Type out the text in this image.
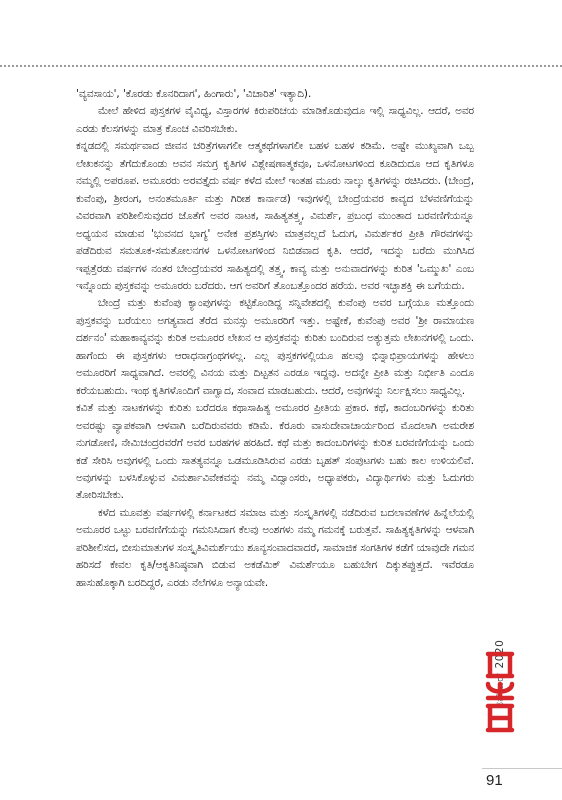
'ವ್ಯವಸಾಯ', 'ಕೊರಡು ಕೊನರಿದಾಗ', ಹಿಂಗಾರು', 'ವಿಚಾರಿತ' ಇತ್ಯಾದಿ).

ಮೇಲೆ ಹೇಳಿದ ಪುಸ್ತಕಗಳ ವೈವಿಧ್ಯ, ವಿಸ್ತಾರಗಳ ಕಿರುಪರಿಚಯ ಮಾಡಿಕೊಡುವುದೂ ಇಲ್ಲಿ ಸಾಧ್ಯವಿಲ್ಲ. ಆದರೆ, ಅವರ ಎರಡು ಕೆಲಸಗಳನ್ನು ಮಾತ್ರ ಕೊಂಚ ವಿವರಿಸಬೇಕು.

ಕನ್ನಡದಲ್ಲಿ ಸಮರ್ಥವಾದ ಜೀವನ ಚರಿತ್ರೆಗಳಾಗಲೀ ಆತ್ಮಕಥೆಗಳಾಗಲೀ ಬಹಳ ಬಹಳ ಕಡಿಮೆ. ಅಷ್ಟೇ ಮುಖ್ಯವಾಗಿ ಒಬ್ಬ ಲೇಖಕನನ್ನು ತೆಗೆದುಕೊಂಡು ಅವನ ಸಮಗ್ರ ಕೃತಿಗಳ ವಿಶ್ಲೇಷಣಾತ್ಮಕವೂ, ಒಳನೋಟಗಳಿಂದ ಕೂಡಿದುದೂ ಆದ ಕೃತಿಗಳೂ ನಮ್ಮಲ್ಲಿ ಅಪರೂಪ. ಅಮೂರರು ಅರವತ್ತೈದು ವರ್ಷ ಕಳೆದ ಮೇಲೆ ಇಂತಹ ಮೂರು ನಾಲ್ಕು ಕೃತಿಗಳನ್ನು ರಚಿಸಿದರು. (ಬೇಂದ್ರೆ, ಕುವೆಂಪು, ಶ್ರೀರಂಗ, ಅನಂತಮೂರ್ತಿ ಮತ್ತು ಗಿರೀಶ ಕಾರ್ನಾಡ) ಇವುಗಳಲ್ಲಿ ಬೇಂದ್ರೆಯವರ ಕಾವ್ಯದ ಬೆಳವಣಿಗೆಯನ್ನು ವಿವರವಾಗಿ ಪರಿಶೀಲಿಸುವುದರ ಜೊತೆಗೆ ಅವರ ನಾಟಕ, ಸಾಹಿತ್ಯತತ್ತ್ವ, ವಿಮರ್ಶೆ, ಪ್ರಬಂಧ ಮುಂತಾದ ಬರವಣಿಗೆಯನ್ನೂ ಅಧ್ಯಯನ ಮಾಡುವ 'ಭುವನದ ಭಾಗ್ಯ' ಅನೇಕ ಪ್ರಶಸ್ತಿಗಳು ಮಾತ್ರವಲ್ಲದೆ ಓದುಗ, ವಿಮರ್ಶಕರ ಪ್ರೀತಿ ಗೌರವಗಳನ್ನು ಪಡೆದಿರುವ ಸಮತೂಕ-ಸಮತೋಲನಗಳ ಒಳನೋಟಗಳಿಂದ ನಿಬಿಡವಾದ ಕೃತಿ. ಆದರೆ, ಇದನ್ನು ಬರೆದು ಮುಗಿಸಿದ ಇಪ್ಪತ್ತೆರಡು ವರ್ಷಗಳ ನಂತರ ಬೇಂದ್ರೆಯವರ ಸಾಹಿತ್ಯದಲ್ಲಿ ತತ್ತ್ವ, ಕಾವ್ಯ ಮತ್ತು ಅನುವಾದಗಳನ್ನು ಕುರಿತ 'ಒಮ್ಮುಖ' ಎಂಬ ಇನ್ನೊಂದು ಪುಸ್ತಕವನ್ನು ಅಮೂರರು ಬರೆದರು. ಆಗ ಅವರಿಗೆ ತೊಂಬತ್ತೊಂದರ ಹರೆಯ. ಅವರ ಇಚ್ಛಾಶಕ್ತಿ ಈ ಬಗೆಯದು.

ಬೇಂದ್ರೆ ಮತ್ತು ಕುವೆಂಪು ಕ್ಯಾಂಪುಗಳನ್ನು ಕಟ್ಟಿಕೊಂಡಿದ್ದ ಸನ್ನಿವೇಶದಲ್ಲಿ ಕುವೆಂಪು ಅವರ ಬಗ್ಗೆಯೂ ಮತ್ತೊಂದು ಪುಸ್ತಕವನ್ನು ಬರೆಯಲು ಅಗತ್ಯವಾದ ತೆರೆದ ಮನಸ್ಸು ಅಮೂರರಿಗೆ ಇತ್ತು. ಅಷ್ಟೇಕೆ, ಕುವೆಂಪು ಅವರ 'ಶ್ರೀ ರಾಮಾಯಣ ದರ್ಶನಂ' ಮಹಾಕಾವ್ಯವನ್ನು ಕುರಿತ ಅಮೂರರ ಲೇಖನ ಆ ಪುಸ್ತಕವನ್ನು ಕುರಿತು ಬಂದಿರುವ ಅತ್ಯುತ್ತಮ ಲೇಖನಗಳಲ್ಲಿ ಒಂದು. ಹಾಗೆಂದು ಈ ಪುಸ್ತಕಗಳು ಆರಾಧನಾಗ್ರಂಥಗಳಲ್ಲ. ಎಲ್ಲ ಪುಸ್ತಕಗಳಲ್ಲಿಯೂ ಹಲವು ಭಿನ್ನಾಭಿಪ್ರಾಯಗಳನ್ನು ಹೇಳಲು ಅಮೂರರಿಗೆ ಸಾಧ್ಯವಾಗಿದೆ. ಅವರಲ್ಲಿ ವಿನಯ ಮತ್ತು ದಿಟ್ಟತನ ಎರಡೂ ಇದ್ದವು. ಅದನ್ನೇ ಪ್ರೀತಿ ಮತ್ತು ನಿರ್ಭೀತಿ ಎಂದೂ ಕರೆಯಬಹುದು. ಇಂಥ ಕೃತಿಗಳೊಂದಿಗೆ ವಾಗ್ವಾದ, ಸಂವಾದ ಮಾಡಬಹುದು. ಆದರೆ, ಅವುಗಳನ್ನು ನಿರ್ಲಕ್ಷಿಸಲು ಸಾಧ್ಯವಿಲ್ಲ.

ಕವಿತೆ ಮತ್ತು ನಾಟಕಗಳನ್ನು ಕುರಿತು ಬರೆದರೂ ಕಥಾಸಾಹಿತ್ಯ ಅಮೂರರ ಪ್ರೀತಿಯ ಪ್ರಕಾರ. ಕಥೆ, ಕಾದಂಬರಿಗಳನ್ನು ಕುರಿತು ಅವರಷ್ಟು ವ್ಯಾಪಕವಾಗಿ ಆಳವಾಗಿ ಬರೆದಿರುವವರು ಕಡಿಮೆ. ಕೆರೂರು ವಾಸುದೇವಾಚಾರ್ಯರಿಂದ ಮೊದಲಾಗಿ ಅಮರೇಶ ನುಗಡೋಣಿ, ನೇಮಿಚಂದ್ರರವರೆಗೆ ಅವರ ಬರಹಗಳ ಹರಹಿದೆ. ಕಥೆ ಮತ್ತು ಕಾದಂಬರಿಗಳನ್ನು ಕುರಿತ ಬರವಣಿಗೆಯನ್ನು ಒಂದು ಕಡೆ ಸೇರಿಸಿ ಅವುಗಳಲ್ಲಿ ಒಂದು ಸಾತತ್ಯವನ್ನೂ ಒಡಮೂಡಿಸಿರುವ ಎರಡು ಬೃಹತ್ ಸಂಪುಟಗಳು ಬಹು ಕಾಲ ಉಳಿಯಲಿವೆ. ಅವುಗಳನ್ನು ಬಳಸಿಕೊಳ್ಳುವ ವಿಮರ್ಶಾವಿವೇಕವನ್ನು ನಮ್ಮ ವಿದ್ವಾಂಸರು, ಅಧ್ಯಾಪಕರು, ವಿದ್ಯಾರ್ಥಿಗಳು ಮತ್ತು ಓದುಗರು ತೋರಿಸಬೇಕು.

ಕಳೆದ ಮೂವತ್ತು ವರ್ಷಗಳಲ್ಲಿ ಕರ್ನಾಟಕದ ಸಮಾಜ ಮತ್ತು ಸಂಸ್ಕೃತಿಗಳಲ್ಲಿ ನಡೆದಿರುವ ಬದಲಾವಣೆಗಳ ಹಿನ್ನೆಲೆಯಲ್ಲಿ ಅಮೂರರ ಒಟ್ಟು ಬರವಣಿಗೆಯನ್ನು ಗಮನಿಸಿದಾಗ ಕೆಲವು ಅಂಶಗಳು ನಮ್ಮ ಗಮನಕ್ಕೆ ಬರುತ್ತವೆ. ಸಾಹಿತ್ಯಕೃತಿಗಳನ್ನು ಆಳವಾಗಿ ಪರಿಶೀಲಿಸದ, ಬೀಸುಮಾತುಗಳ ಸಂಸ್ಕೃತಿವಿಮರ್ಶೆಯು ಶೂನ್ಯಸಂವಾದವಾದರೆ, ಸಾಮಾಜಿಕ ಸಂಗತಿಗಳ ಕಡೆಗೆ ಯಾವುದೇ ಗಮನ ಹರಿಸದೆ ಕೇವಲ ಕೃತಿ/ಆಕೃತಿನಿಷ್ಠವಾಗಿ ಬಿಡುವ ಅಕಡೆಮಿಕ್ ವಿಮರ್ಶೆಯೂ ಬಹುಬೇಗ ದಿಕ್ಕುತಪ್ಪುತ್ತದೆ. ಇವೆರಡೂ ಹಾಸುಹೊಕ್ಕಾಗಿ ಬರದಿದ್ದರೆ, ಎರಡು ನೆಲೆಗಳೂ ಅನ್ಯಾಯವೇ.

ನವೆಂಬರ್ 2020
91
